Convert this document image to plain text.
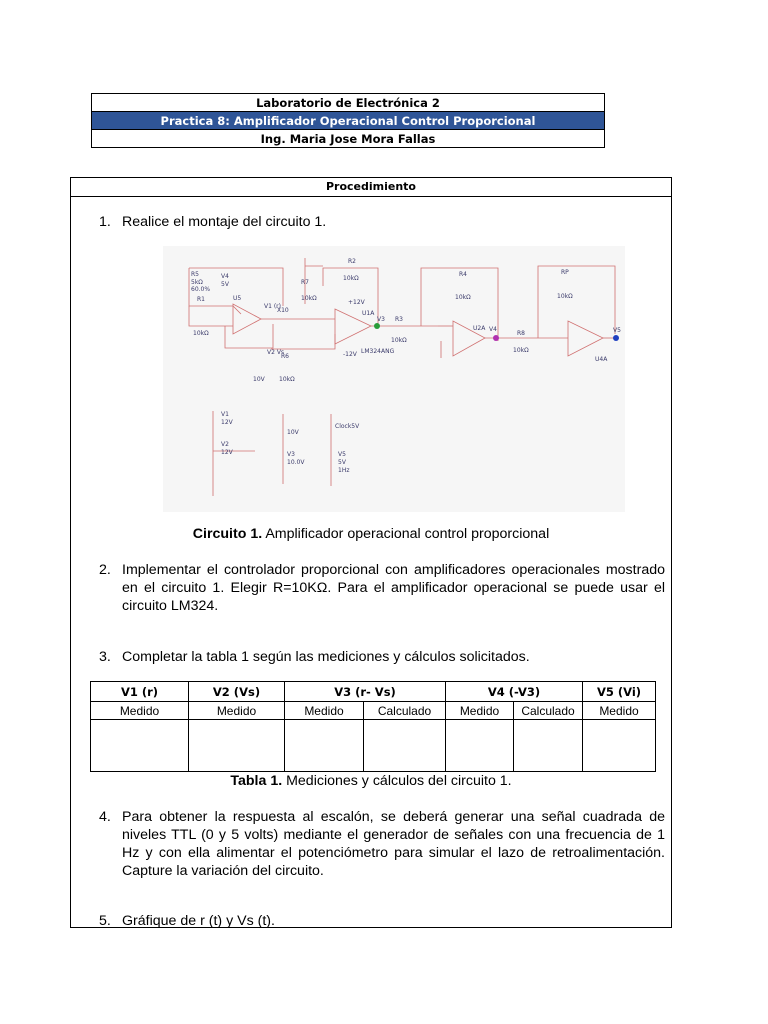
Laboratorio de Electrónica 2
Practica 8: Amplificador Operacional Control Proporcional
Ing. Maria Jose Mora Fallas
Procedimiento
1. Realice el montaje del circuito 1.
R5
5kΩ
60.0%
R1
10kΩ
V4
5V
U5
V1 (r)
X10
R7
10kΩ
R2
10kΩ
+12V
-12V
U1A
LM324ANG
R3
10kΩ
V3
R6
10kΩ
V2 Vs
10V
R4
10kΩ
U2A V4
RP
10kΩ
R8
10kΩ
U4A
V5
V1
12V
V2
12V	V3
10.0V
10V
Clock5V
V5
5V
1Hz
Circuito 1. Amplificador operacional control proporcional
2. Implementar el controlador proporcional con amplificadores operacionales mostrado en el circuito 1. Elegir R=10KΩ. Para el amplificador operacional se puede usar el circuito LM324.
3. Completar la tabla 1 según las mediciones y cálculos solicitados.
V1 (r)	V2 (Vs)	V3 (r- Vs)		V4 (-V3)		V5 (Vi)
Medido	Medido	Medido	Calculado	Medido	Calculado	Medido

Tabla 1. Mediciones y cálculos del circuito 1.
4. Para obtener la respuesta al escalón, se deberá generar una señal cuadrada de niveles TTL (0 y 5 volts) mediante el generador de señales con una frecuencia de 1 Hz y con ella alimentar el potenciómetro para simular el lazo de retroalimentación. Capture la variación del circuito.
5. Gráfique de r (t) y Vs (t).
